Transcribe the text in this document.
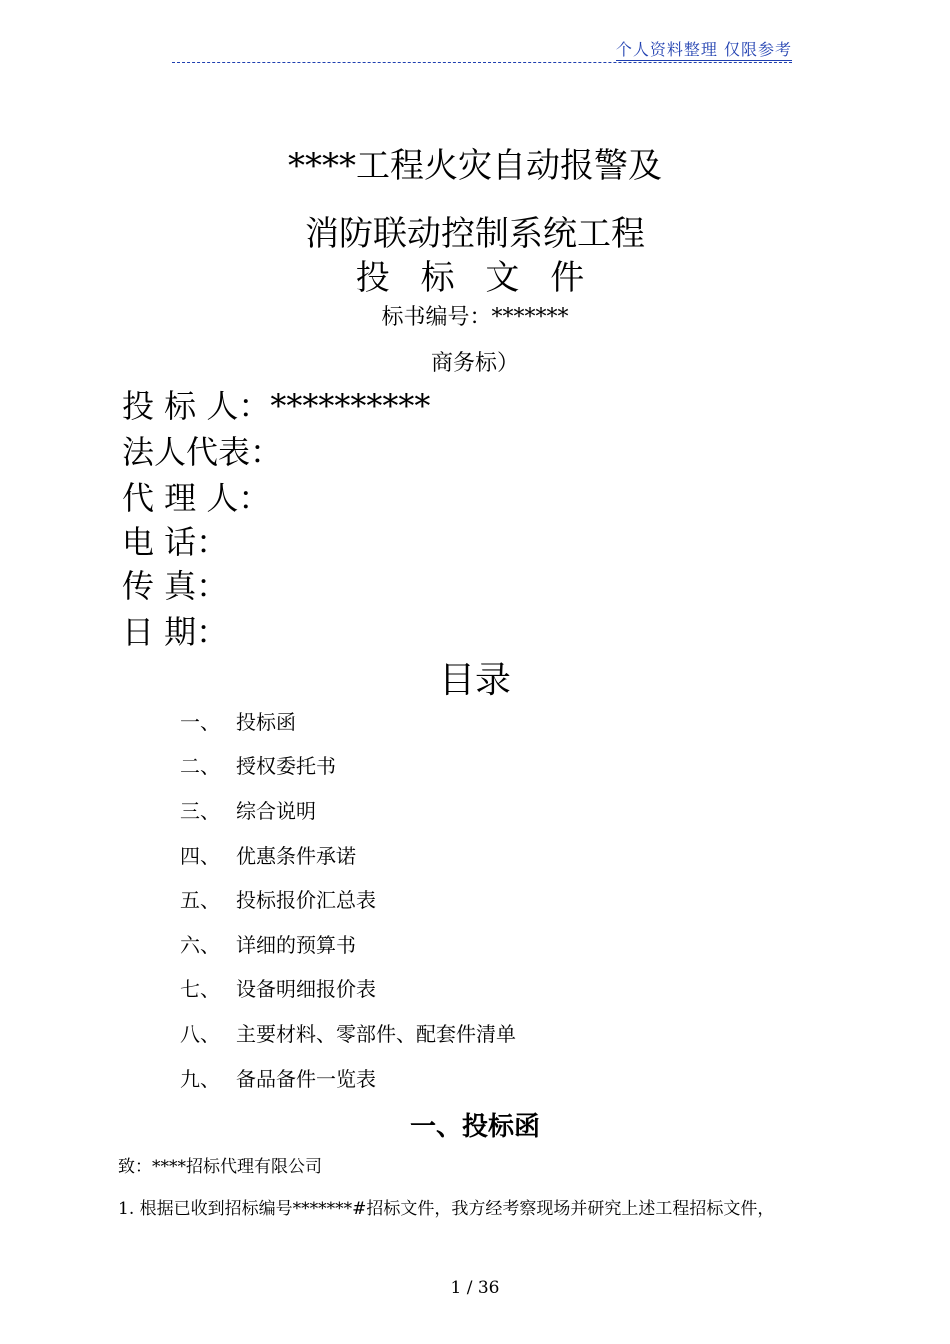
个人资料整理 仅限参考
****工程火灾自动报警及
消防联动控制系统工程
投 标 文 件
标书编号：*******
商务标）
投 标 人：**********
法人代表：
代 理 人：
电 话：
传 真：
日 期：
目录
一、 投标函
二、 授权委托书
三、 综合说明
四、 优惠条件承诺
五、 投标报价汇总表
六、 详细的预算书
七、 设备明细报价表
八、 主要材料、零部件、配套件清单
九、 备品备件一览表
一、投标函
致：****招标代理有限公司
1. 根据已收到招标编号*******#招标文件，我方经考察现场并研究上述工程招标文件，
1 / 36
